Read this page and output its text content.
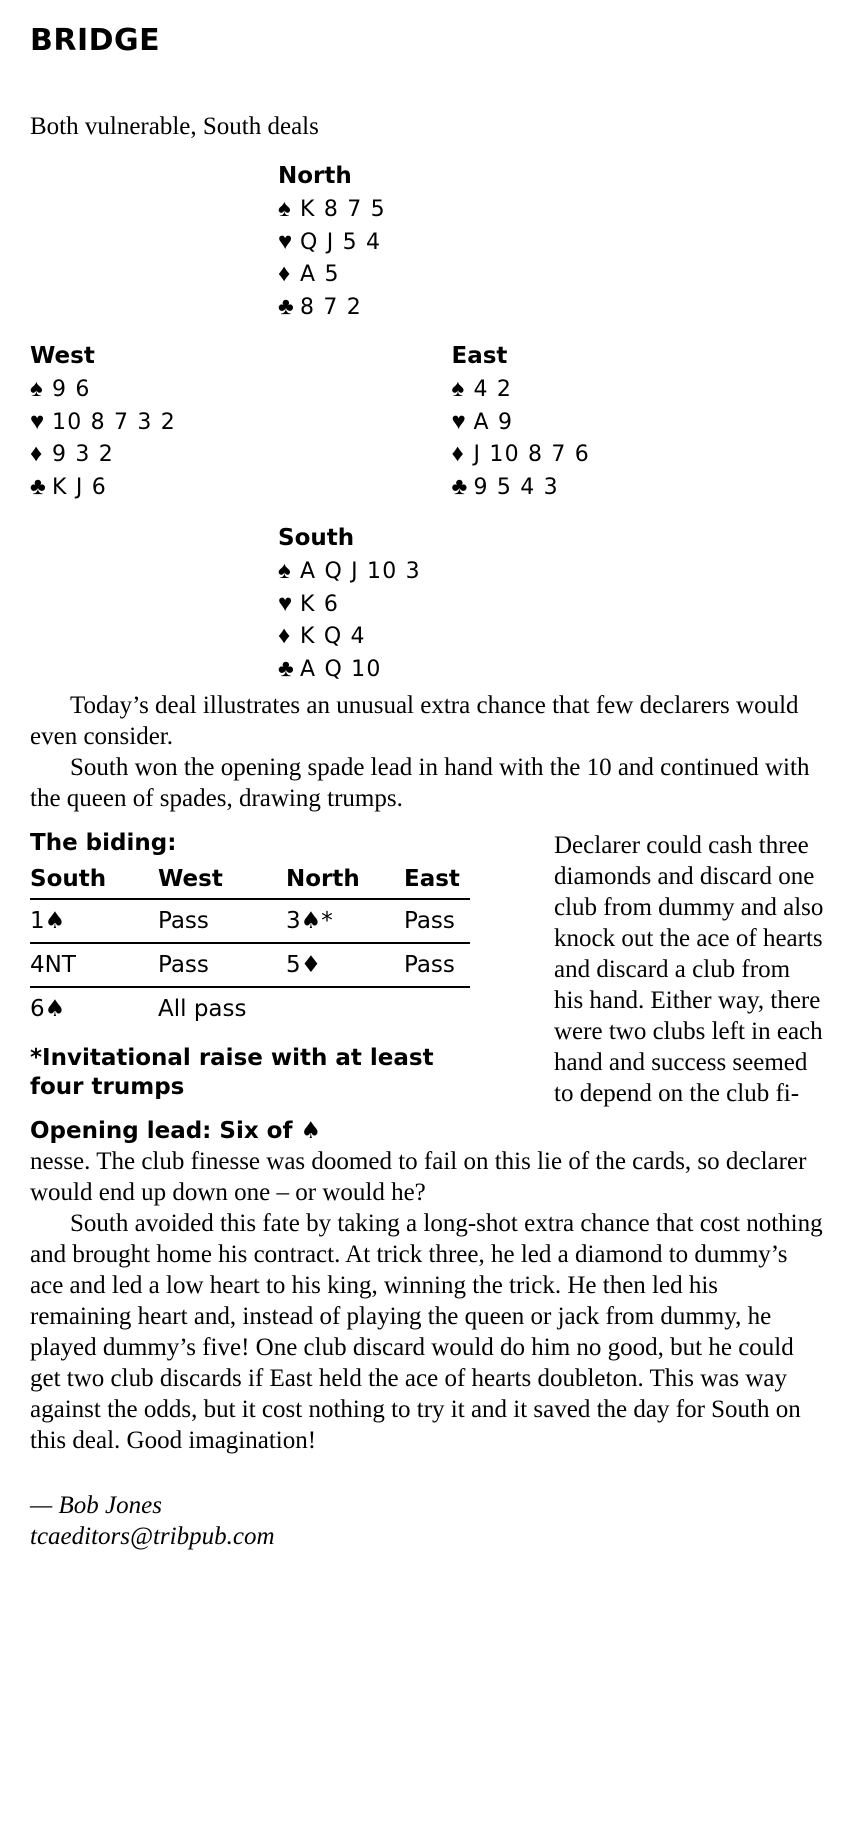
BRIDGE
Both vulnerable, South deals
North
♠ K 8 7 5
♥ Q J 5 4
♦ A 5
♣ 8 7 2
West
♠ 9 6
♥ 10 8 7 3 2
♦ 9 3 2
♣ K J 6
East
♠ 4 2
♥ A 9
♦ J 10 8 7 6
♣ 9 5 4 3
South
♠ A Q J 10 3
♥ K 6
♦ K Q 4
♣ A Q 10

Today’s deal illustrates an unusual extra chance that few declarers would even consider.

South won the opening spade lead in hand with the 10 and continued with the queen of spades, drawing trumps.

Declarer could cash three diamonds and discard one club from dummy and also knock out the ace of hearts and discard a club from his hand. Either way, there were two clubs left in each hand and success seemed to depend on the club fi-
The biding:
South	West	North	East
1♠	Pass	3♠*	Pass
4NT	Pass	5♦	Pass
6♠	All pass		
*Invitational raise with at least four trumps
Opening lead: Six of ♠

nesse. The club finesse was doomed to fail on this lie of the cards, so declarer would end up down one – or would he?

South avoided this fate by taking a long-shot extra chance that cost nothing and brought home his contract. At trick three, he led a diamond to dummy’s ace and led a low heart to his king, winning the trick. He then led his remaining heart and, instead of playing the queen or jack from dummy, he played dummy’s five! One club discard would do him no good, but he could get two club discards if East held the ace of hearts doubleton. This was way against the odds, but it cost nothing to try it and it saved the day for South on this deal. Good imagination!

— Bob Jones
tcaeditors@tribpub.com
